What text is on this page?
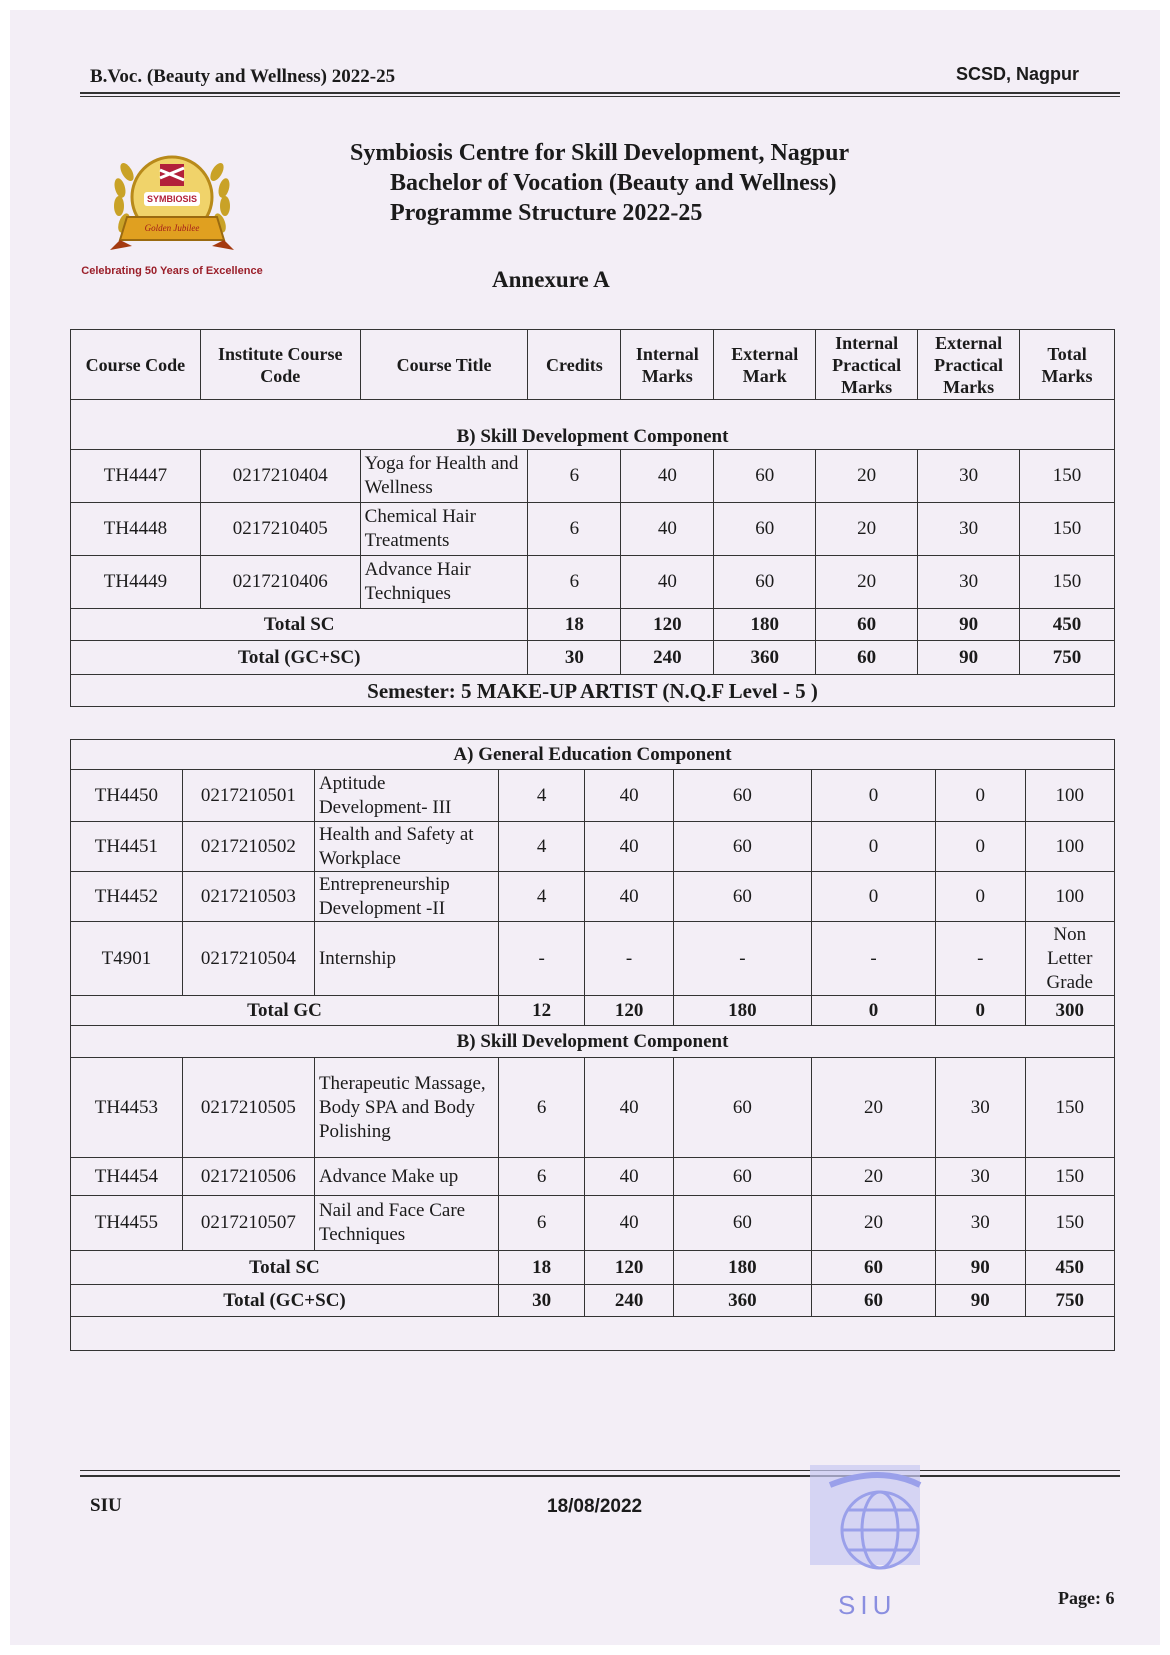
B.Voc. (Beauty and Wellness) 2022-25	SCSD, Nagpur
SYMBIOSIS
Golden Jubilee
Celebrating 50 Years of Excellence
Symbiosis Centre for Skill Development, Nagpur
Bachelor of Vocation (Beauty and Wellness)
Programme Structure 2022-25
Annexure A
Course Code	Institute Course Code	Course Title	Credits	Internal Marks	External Mark	Internal Practical Marks	External Practical Marks	Total Marks
B) Skill Development Component								
TH4447	0217210404	Yoga for Health and Wellness	6	40	60	20	30	150
TH4448	0217210405	Chemical Hair Treatments	6	40	60	20	30	150
TH4449	0217210406	Advance Hair Techniques	6	40	60	20	30	150
Total SC			18	120	180	60	90	450
Total (GC+SC)			30	240	360	60	90	750
Semester: 5 MAKE-UP ARTIST (N.Q.F Level - 5 )								
A) General Education Component								
TH4450	0217210501	Aptitude Development- III	4	40	60	0	0	100
TH4451	0217210502	Health and Safety at Workplace	4	40	60	0	0	100
TH4452	0217210503	Entrepreneurship Development -II	4	40	60	0	0	100
T4901	0217210504	Internship	-	-	-	-	-	Non Letter Grade
Total GC			12	120	180	0	0	300
B) Skill Development Component								
TH4453	0217210505	Therapeutic Massage, Body SPA and Body Polishing	6	40	60	20	30	150
TH4454	0217210506	Advance Make up	6	40	60	20	30	150
TH4455	0217210507	Nail and Face Care Techniques	6	40	60	20	30	150
Total SC			18	120	180	60	90	450
Total (GC+SC)			30	240	360	60	90	750

SIU	18/08/2022
SIU	Page: 6
